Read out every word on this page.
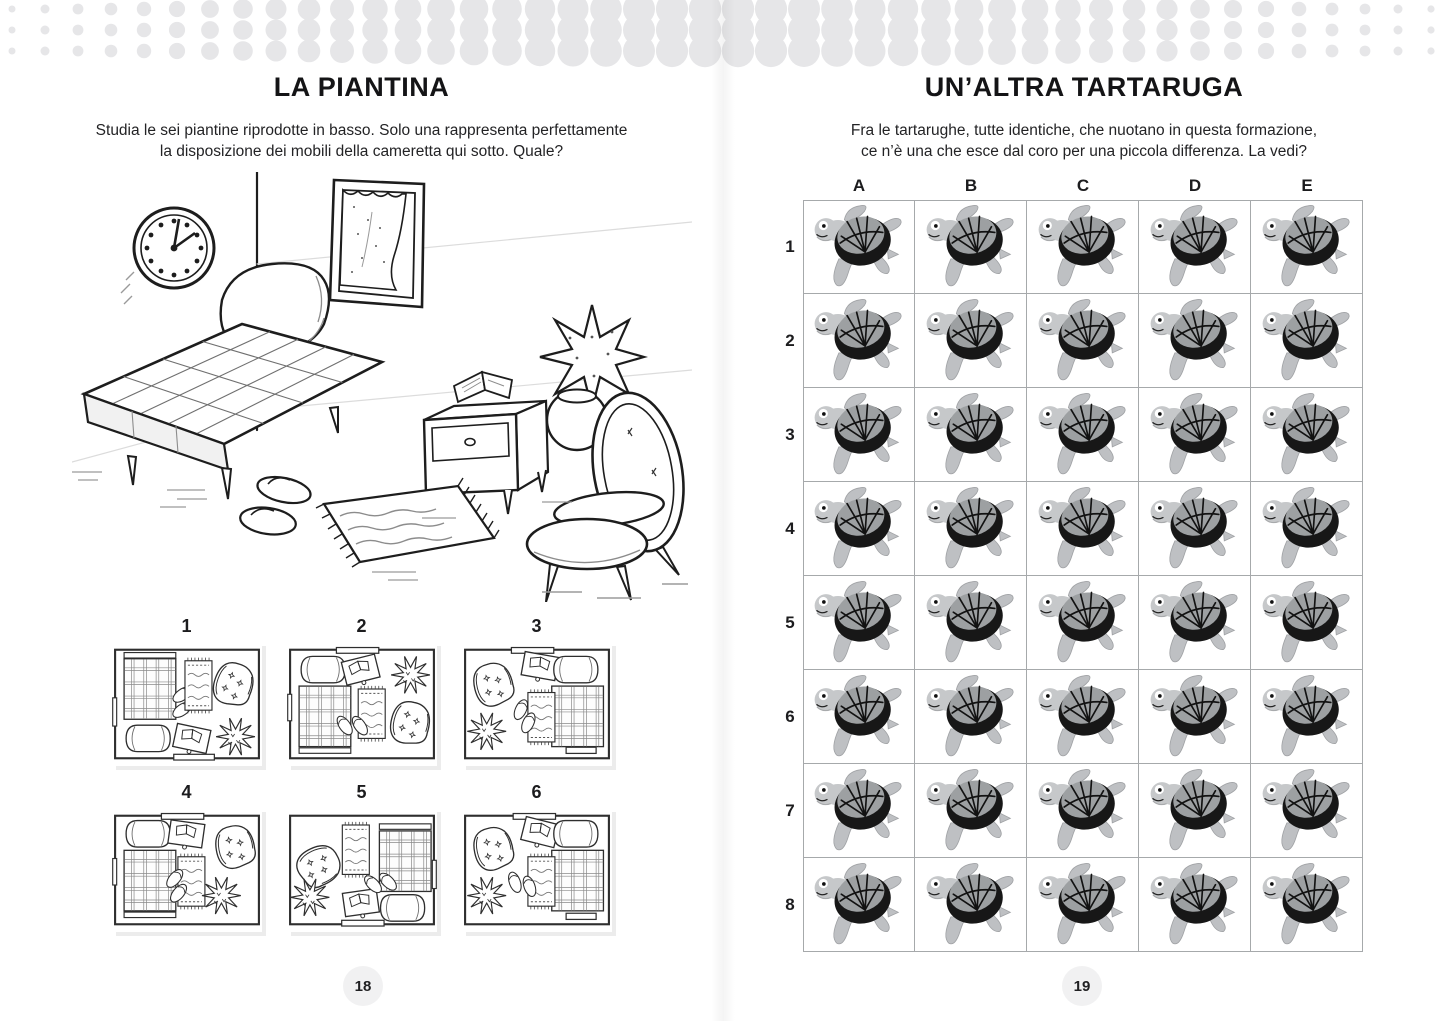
LA PIANTINA
Studia le sei piantine riprodotte in basso. Solo una rappresenta perfettamente
la disposizione dei mobili della cameretta qui sotto. Quale?
1	2	3
4	5	6
18
UN’ALTRA TARTARUGA
Fra le tartarughe, tutte identiche, che nuotano in questa formazione,
ce n’è una che esce dal coro per una piccola differenza. La vedi?
A	B	C	D	E
1
2
3
4
5
6
7
8
19
